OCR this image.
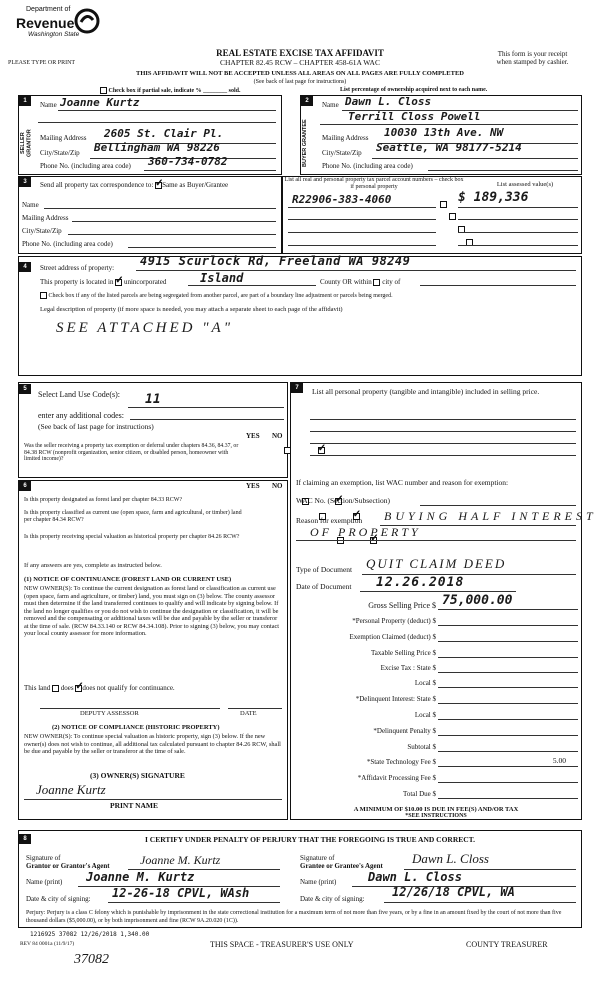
Department of
Revenue
Washington State
PLEASE TYPE OR PRINT
REAL ESTATE EXCISE TAX AFFIDAVIT
CHAPTER 82.45 RCW – CHAPTER 458-61A WAC
This form is your receipt
when stamped by cashier.
THIS AFFIDAVIT WILL NOT BE ACCEPTED UNLESS ALL AREAS ON ALL PAGES ARE FULLY COMPLETED
(See back of last page for instructions)
Check box if partial sale, indicate % ________ sold.	List percentage of ownership acquired next to each name.
1	2
SELLER GRANTOR	BUYER GRANTEE
Name Joanne Kurtz
Mailing Address 2605 St. Clair Pl.
City/State/Zip Bellingham WA 98226
Phone No. (including area code) 360-734-0782
Name Dawn L. Closs
Terrill Closs Powell
Mailing Address 10030 13th Ave. NW
City/State/Zip Seattle, WA 98177-5214
Phone No. (including area code)
3	Send all property tax correspondence to: ✓ Same as Buyer/Grantee
Name
Mailing Address
City/State/Zip
Phone No. (including area code)
List all real and personal property tax parcel account numbers – check box if personal property	List assessed value(s)
R22906-383-4060	$ 189,336

4	Street address of property: 4915 Scurlock Rd, Freeland WA 98249
This property is located in ✓ unincorporated	Island	County OR within city of
Check box if any of the listed parcels are being segregated from another parcel, are part of a boundary line adjustment or parcels being merged.
Legal description of property (if more space is needed, you may attach a separate sheet to each page of the affidavit)
SEE ATTACHED "A"
5
Select Land Use Code(s): 11
enter any additional codes:
(See back of last page for instructions)
YES NO
Was the seller receiving a property tax exemption or deferral under chapters 84.36, 84.37, or 84.38 RCW (nonprofit organization, senior citizen, or disabled person, homeowner with limited income)?
✓
6	YES NO
Is this property designated as forest land per chapter 84.33 RCW?
✓
Is this property classified as current use (open space, farm and agricultural, or timber) land per chapter 84.34 RCW?
✓
Is this property receiving special valuation as historical property per chapter 84.26 RCW?
✓
If any answers are yes, complete as instructed below.
(1) NOTICE OF CONTINUANCE (FOREST LAND OR CURRENT USE)
NEW OWNER(S): To continue the current designation as forest land or classification as current use (open space, farm and agriculture, or timber) land, you must sign on (3) below. The county assessor must then determine if the land transferred continues to qualify and will indicate by signing below. If the land no longer qualifies or you do not wish to continue the designation or classification, it will be removed and the compensating or additional taxes will be due and payable by the seller or transferor at the time of sale. (RCW 84.33.140 or RCW 84.34.108). Prior to signing (3) below, you may contact your local county assessor for more information.
This land does ✓ does not qualify for continuance.
DEPUTY ASSESSOR	DATE
(2) NOTICE OF COMPLIANCE (HISTORIC PROPERTY)
NEW OWNER(S): To continue special valuation as historic property, sign (3) below. If the new owner(s) does not wish to continue, all additional tax calculated pursuant to chapter 84.26 RCW, shall be due and payable by the seller or transferor at the time of sale.
(3) OWNER(S) SIGNATURE
Joanne Kurtz
PRINT NAME
7	List all personal property (tangible and intangible) included in selling price.
If claiming an exemption, list WAC number and reason for exemption:
WAC No. (Section/Subsection)
Reason for exemption BUYING HALF INTEREST
OF PROPERTY
Type of Document QUIT CLAIM DEED
Date of Document 12.26.2018
Gross Selling Price $ 75,000.00
*Personal Property (deduct) $
Exemption Claimed (deduct) $
Taxable Selling Price $
Excise Tax : State $
Local $
*Delinquent Interest: State $
Local $
*Delinquent Penalty $
Subtotal $
*State Technology Fee $	5.00
*Affidavit Processing Fee $
Total Due $
A MINIMUM OF $10.00 IS DUE IN FEE(S) AND/OR TAX
*SEE INSTRUCTIONS
8	I CERTIFY UNDER PENALTY OF PERJURY THAT THE FOREGOING IS TRUE AND CORRECT.
Signature of
Grantor or Grantor's Agent	Joanne M. Kurtz
Name (print) Joanne M. Kurtz
Date & city of signing: 12-26-18 CPVL, WAsh
Signature of
Grantee or Grantee's Agent Dawn L. Closs
Name (print)	Dawn L. Closs
Date & city of signing: 12/26/18 CPVL, WA
Perjury: Perjury is a class C felony which is punishable by imprisonment in the state correctional institution for a maximum term of not more than five years, or by a fine in an amount fixed by the court of not more than five thousand dollars ($5,000.00), or by both imprisonment and fine (RCW 9A.20.020 (1C)).
1216925 37082 12/26/2018 1,340.00
REV 84 0001a (11/9/17)	THIS SPACE - TREASURER'S USE ONLY	COUNTY TREASURER
37082
